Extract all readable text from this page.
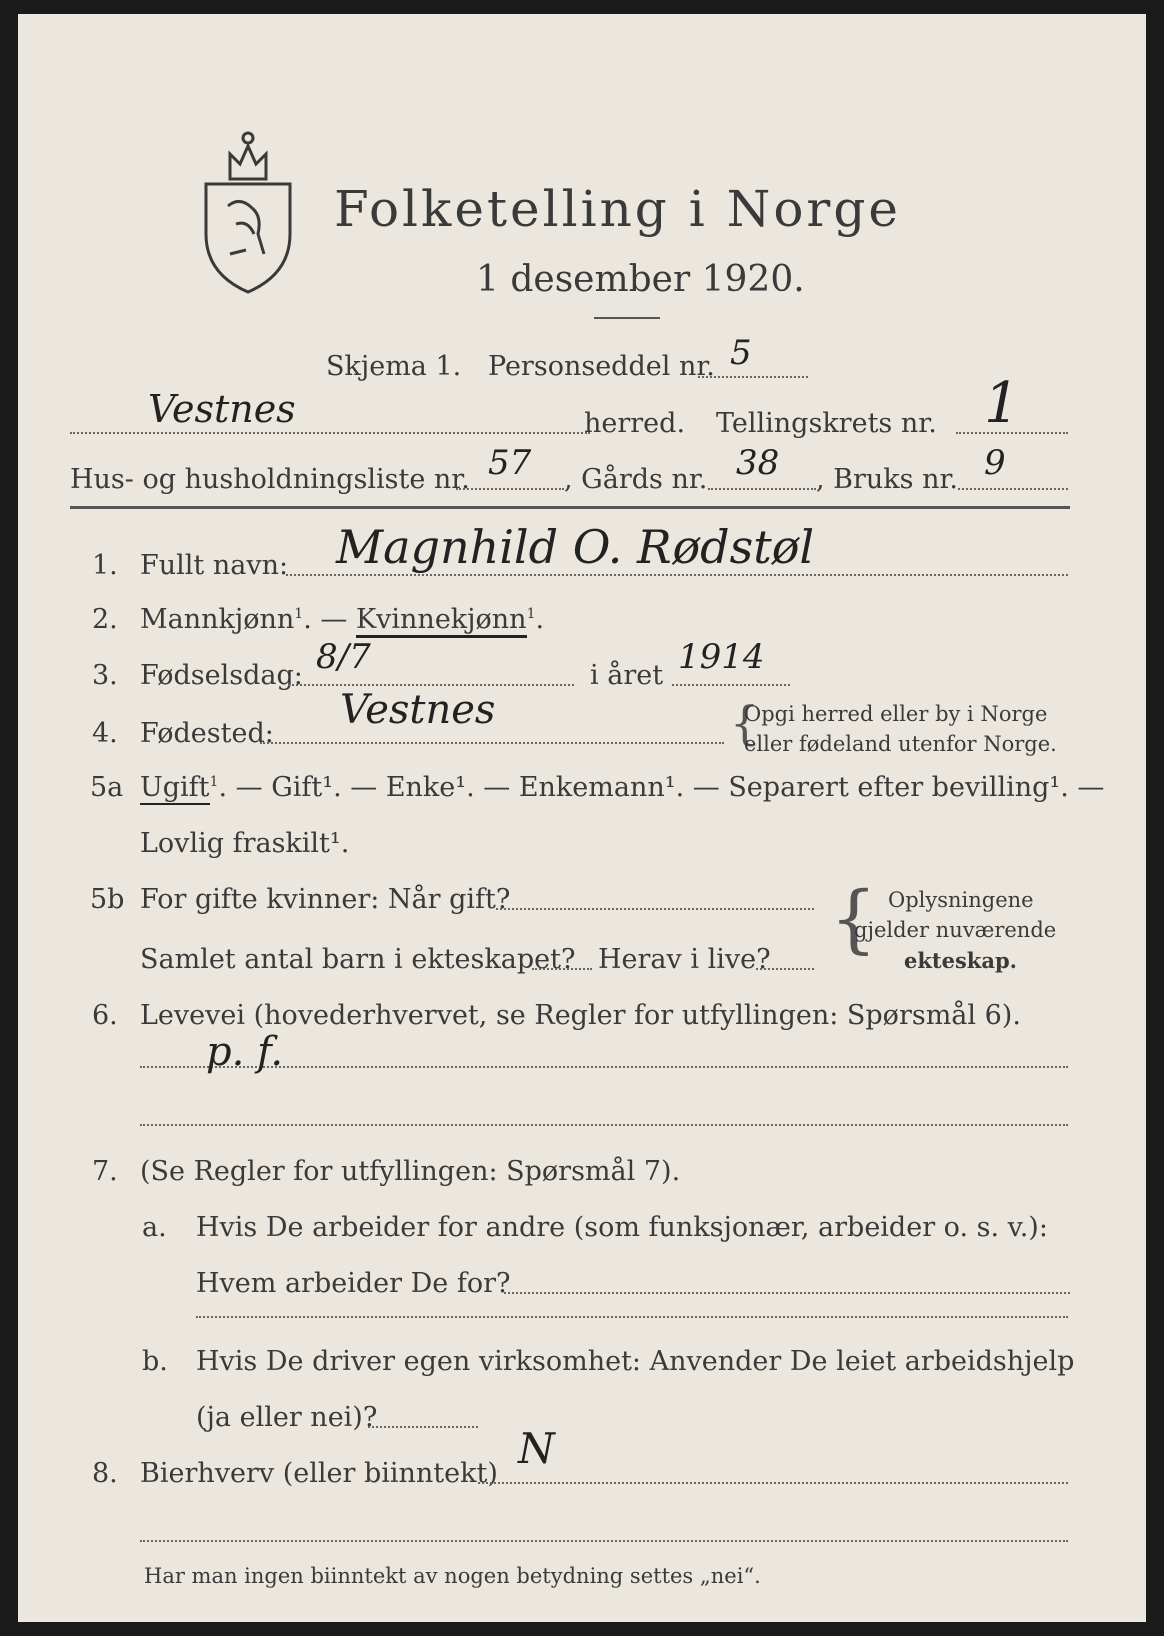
Folketelling i Norge
1 desember 1920.
Skjema 1. Personseddel nr. 5
Vestnes	herred. Tellingskrets nr. 1
Hus- og husholdningsliste nr. 57 , Gårds nr. 38 , Bruks nr. 9
1. Fullt navn: Magnhild O. Rødstøl
2. Mannkjønn$^1$. — Kvinnekjønn$^1$.
3. Fødselsdag: 8/7	i året 1914
4. Fødested:
Vestnes	{
Opgi herred eller by i Norge
eller fødeland utenfor Norge.
5a Ugift$^1$. — Gift¹. — Enke¹. — Enkemann¹. — Separert efter bevilling¹. —
Lovlig fraskilt¹.
5b For gifte kvinner: Når gift?
Samlet antal barn i ekteskapet? Herav i live? { Oplysningene
gjelder nuværende
ekteskap.
6. Levevei (hovederhvervet, se Regler for utfyllingen: Spørsmål 6).
p. f.
7. (Se Regler for utfyllingen: Spørsmål 7).
a. Hvis De arbeider for andre (som funksjonær, arbeider o. s. v.):
Hvem arbeider De for?
b. Hvis De driver egen virksomhet: Anvender De leiet arbeidshjelp
(ja eller nei)?
8. Bierhverv (eller biinntekt)
N
Har man ingen biinntekt av nogen betydning settes „nei“.
